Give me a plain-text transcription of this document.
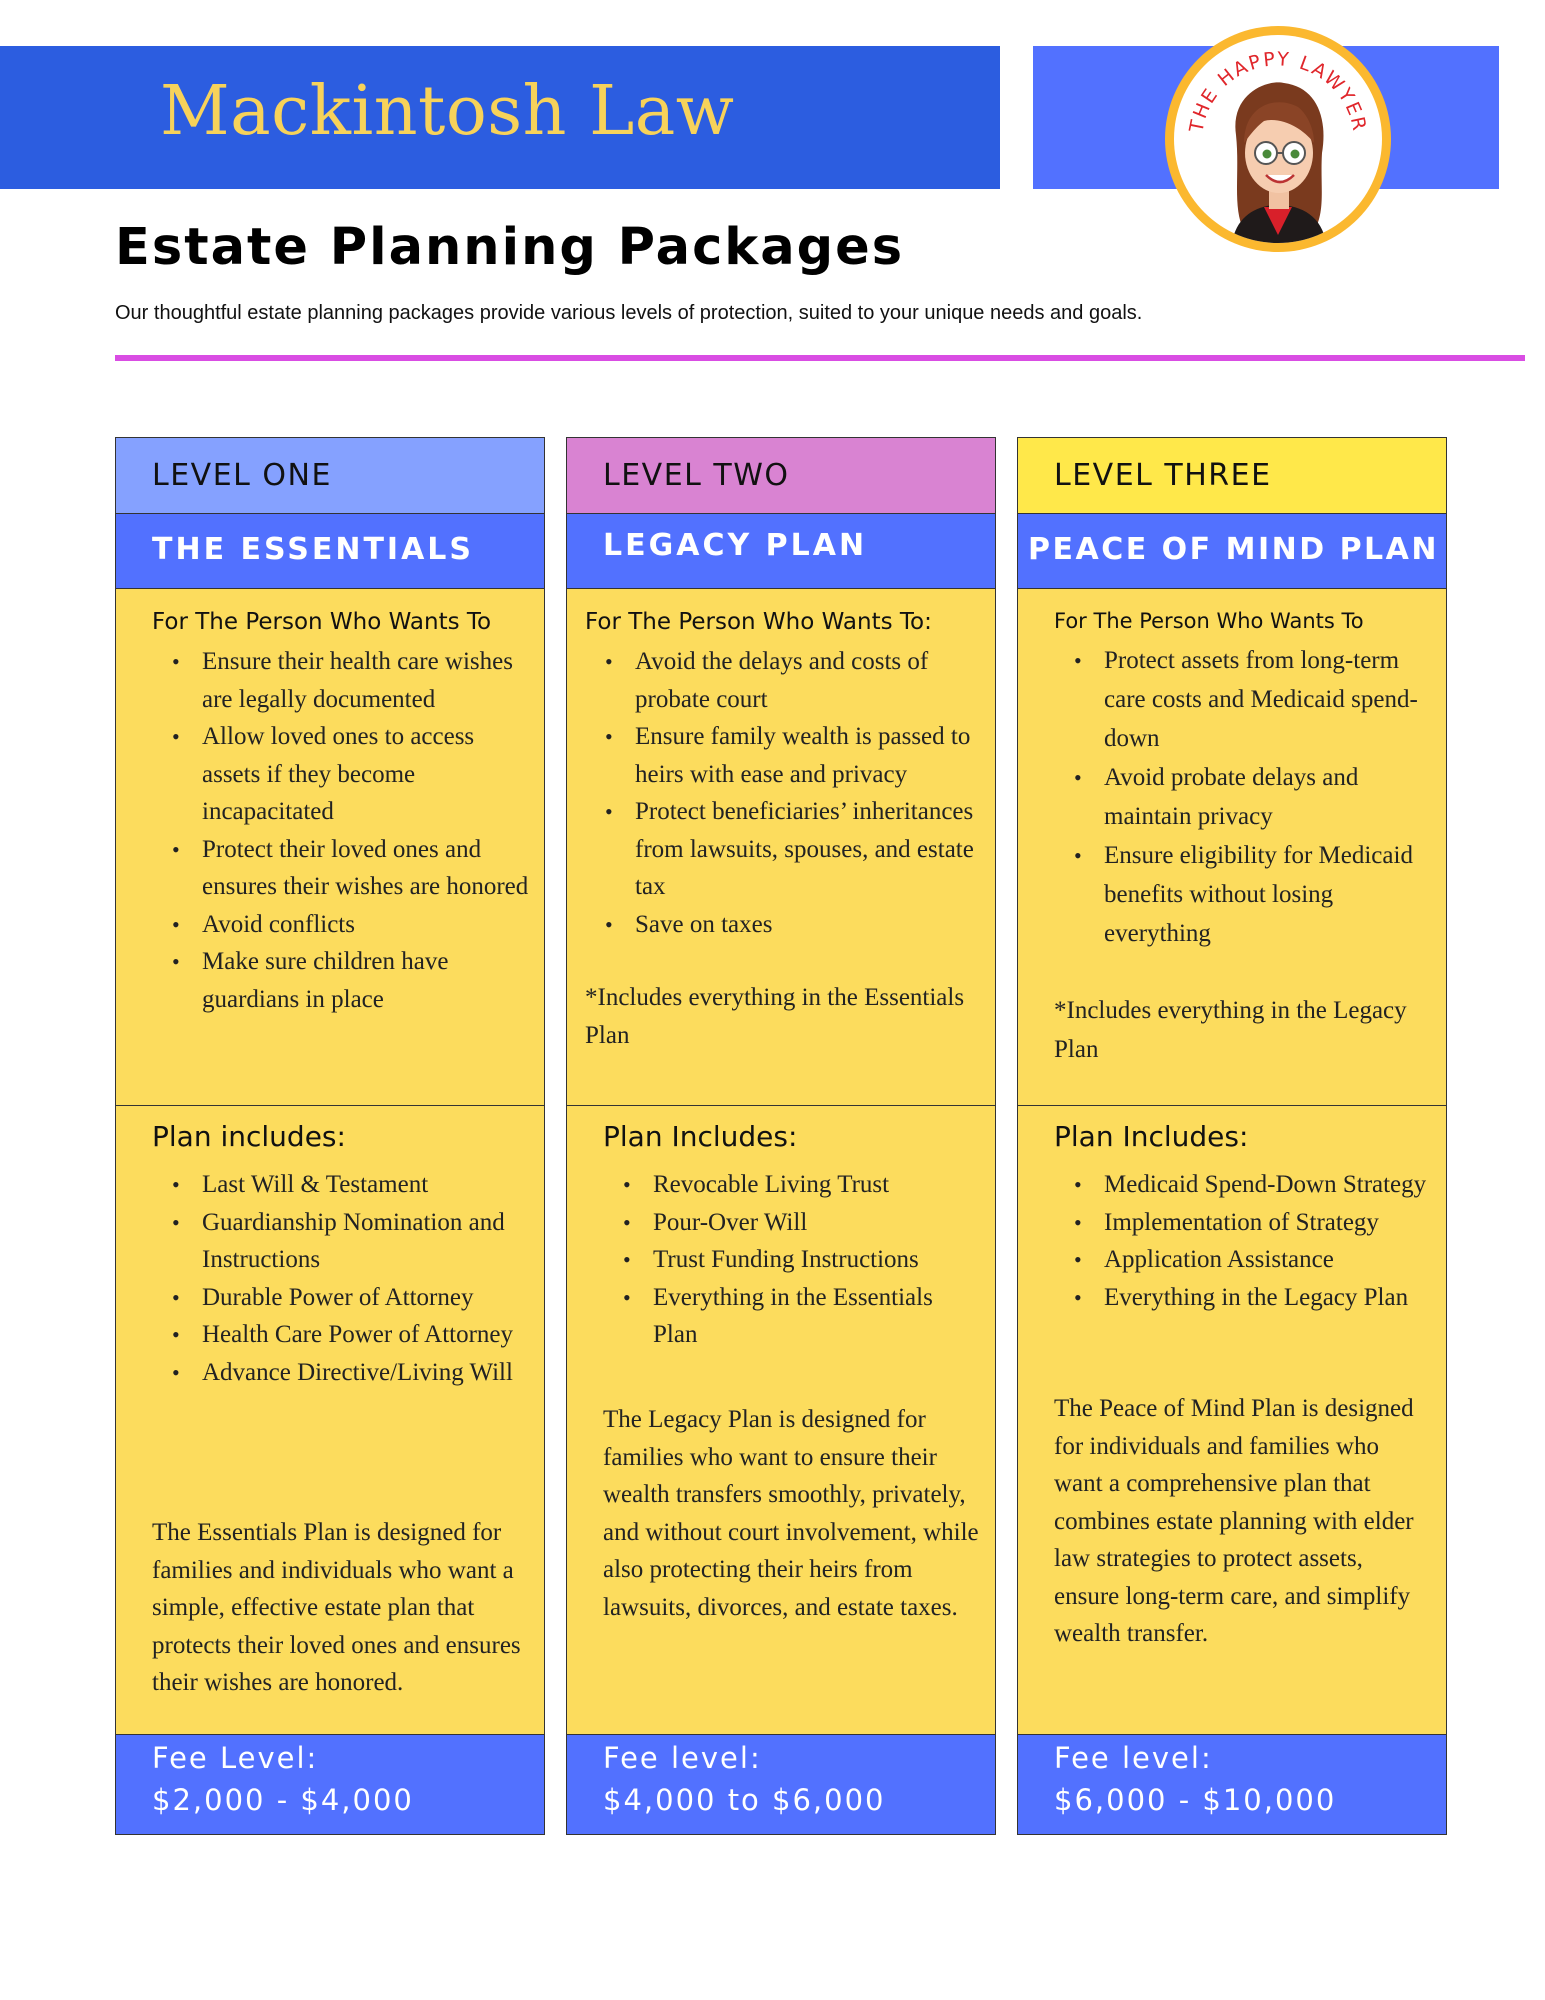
Mackintosh Law	THE HAPPY LAWYER
Estate Planning Packages
Our thoughtful estate planning packages provide various levels of protection, suited to your unique needs and goals.
LEVEL ONE
THE ESSENTIALS
For The Person Who Wants To
• Ensure their health care wishes are legally documented
• Allow loved ones to access assets if they become incapacitated
• Protect their loved ones and ensures their wishes are honored
• Avoid conflicts
• Make sure children have guardians in place
Plan includes:
• Last Will & Testament
• Guardianship Nomination and Instructions
• Durable Power of Attorney
• Health Care Power of Attorney
• Advance Directive/Living Will
The Essentials Plan is designed for families and individuals who want a simple, effective estate plan that protects their loved ones and ensures their wishes are honored.
Fee Level:
$2,000 - $4,000
LEVEL TWO
LEGACY PLAN
For The Person Who Wants To:
• Avoid the delays and costs of probate court
• Ensure family wealth is passed to heirs with ease and privacy
• Protect beneficiaries’ inheritances from lawsuits, spouses, and estate tax
• Save on taxes
*Includes everything in the Essentials Plan
Plan Includes:
• Revocable Living Trust
• Pour-Over Will
• Trust Funding Instructions
• Everything in the Essentials Plan
The Legacy Plan is designed for families who want to ensure their wealth transfers smoothly, privately, and without court involvement, while also protecting their heirs from lawsuits, divorces, and estate taxes.
Fee level:
$4,000 to $6,000
LEVEL THREE
PEACE OF MIND PLAN
For The Person Who Wants To
• Protect assets from long-term care costs and Medicaid spend-down
• Avoid probate delays and maintain privacy
• Ensure eligibility for Medicaid benefits without losing everything
*Includes everything in the Legacy Plan
Plan Includes:
• Medicaid Spend-Down Strategy
• Implementation of Strategy
• Application Assistance
• Everything in the Legacy Plan
The Peace of Mind Plan is designed for individuals and families who want a comprehensive plan that combines estate planning with elder law strategies to protect assets, ensure long-term care, and simplify wealth transfer.
Fee level:
$6,000 - $10,000
